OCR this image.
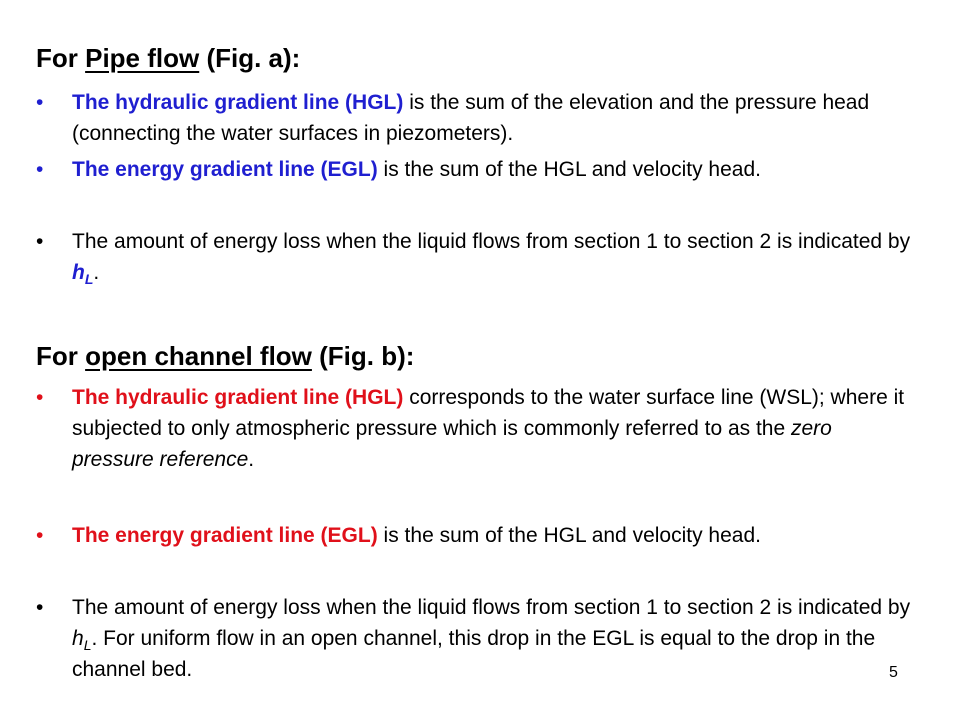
For Pipe flow (Fig. a):

•	The hydraulic gradient line (HGL) is the sum of the elevation and the pressure head (connecting the water surfaces in piezometers).

•	The energy gradient line (EGL) is the sum of the HGL and velocity head.

•	The amount of energy loss when the liquid flows from section 1 to section 2 is indicated by $h_L$.

For open channel flow (Fig. b):

•	The hydraulic gradient line (HGL) corresponds to the water surface line (WSL); where it subjected to only atmospheric pressure which is commonly referred to as the zero pressure reference.

•	The energy gradient line (EGL) is the sum of the HGL and velocity head.

•	The amount of energy loss when the liquid flows from section 1 to section 2 is indicated by $h_L$. For uniform flow in an open channel, this drop in the EGL is equal to the drop in the channel bed.	5
